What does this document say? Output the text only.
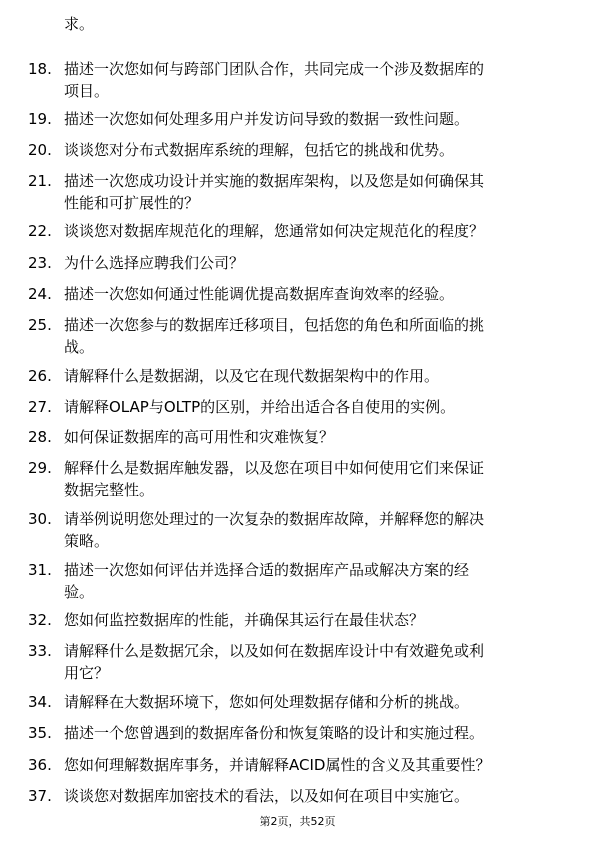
求。
18. 描述一次您如何与跨部门团队合作，共同完成一个涉及数据库的
项目。
19. 描述一次您如何处理多用户并发访问导致的数据一致性问题。
20. 谈谈您对分布式数据库系统的理解，包括它的挑战和优势。
21. 描述一次您成功设计并实施的数据库架构，以及您是如何确保其
性能和可扩展性的？
22. 谈谈您对数据库规范化的理解，您通常如何决定规范化的程度？
23. 为什么选择应聘我们公司？
24. 描述一次您如何通过性能调优提高数据库查询效率的经验。
25. 描述一次您参与的数据库迁移项目，包括您的角色和所面临的挑
战。
26. 请解释什么是数据湖，以及它在现代数据架构中的作用。
27. 请解释OLAP与OLTP的区别，并给出适合各自使用的实例。
28. 如何保证数据库的高可用性和灾难恢复？
29. 解释什么是数据库触发器，以及您在项目中如何使用它们来保证
数据完整性。
30. 请举例说明您处理过的一次复杂的数据库故障，并解释您的解决
策略。
31. 描述一次您如何评估并选择合适的数据库产品或解决方案的经
验。
32. 您如何监控数据库的性能，并确保其运行在最佳状态？
33. 请解释什么是数据冗余，以及如何在数据库设计中有效避免或利
用它？
34. 请解释在大数据环境下，您如何处理数据存储和分析的挑战。
35. 描述一个您曾遇到的数据库备份和恢复策略的设计和实施过程。
36. 您如何理解数据库事务，并请解释ACID属性的含义及其重要性？
37. 谈谈您对数据库加密技术的看法，以及如何在项目中实施它。
第2页，共52页
